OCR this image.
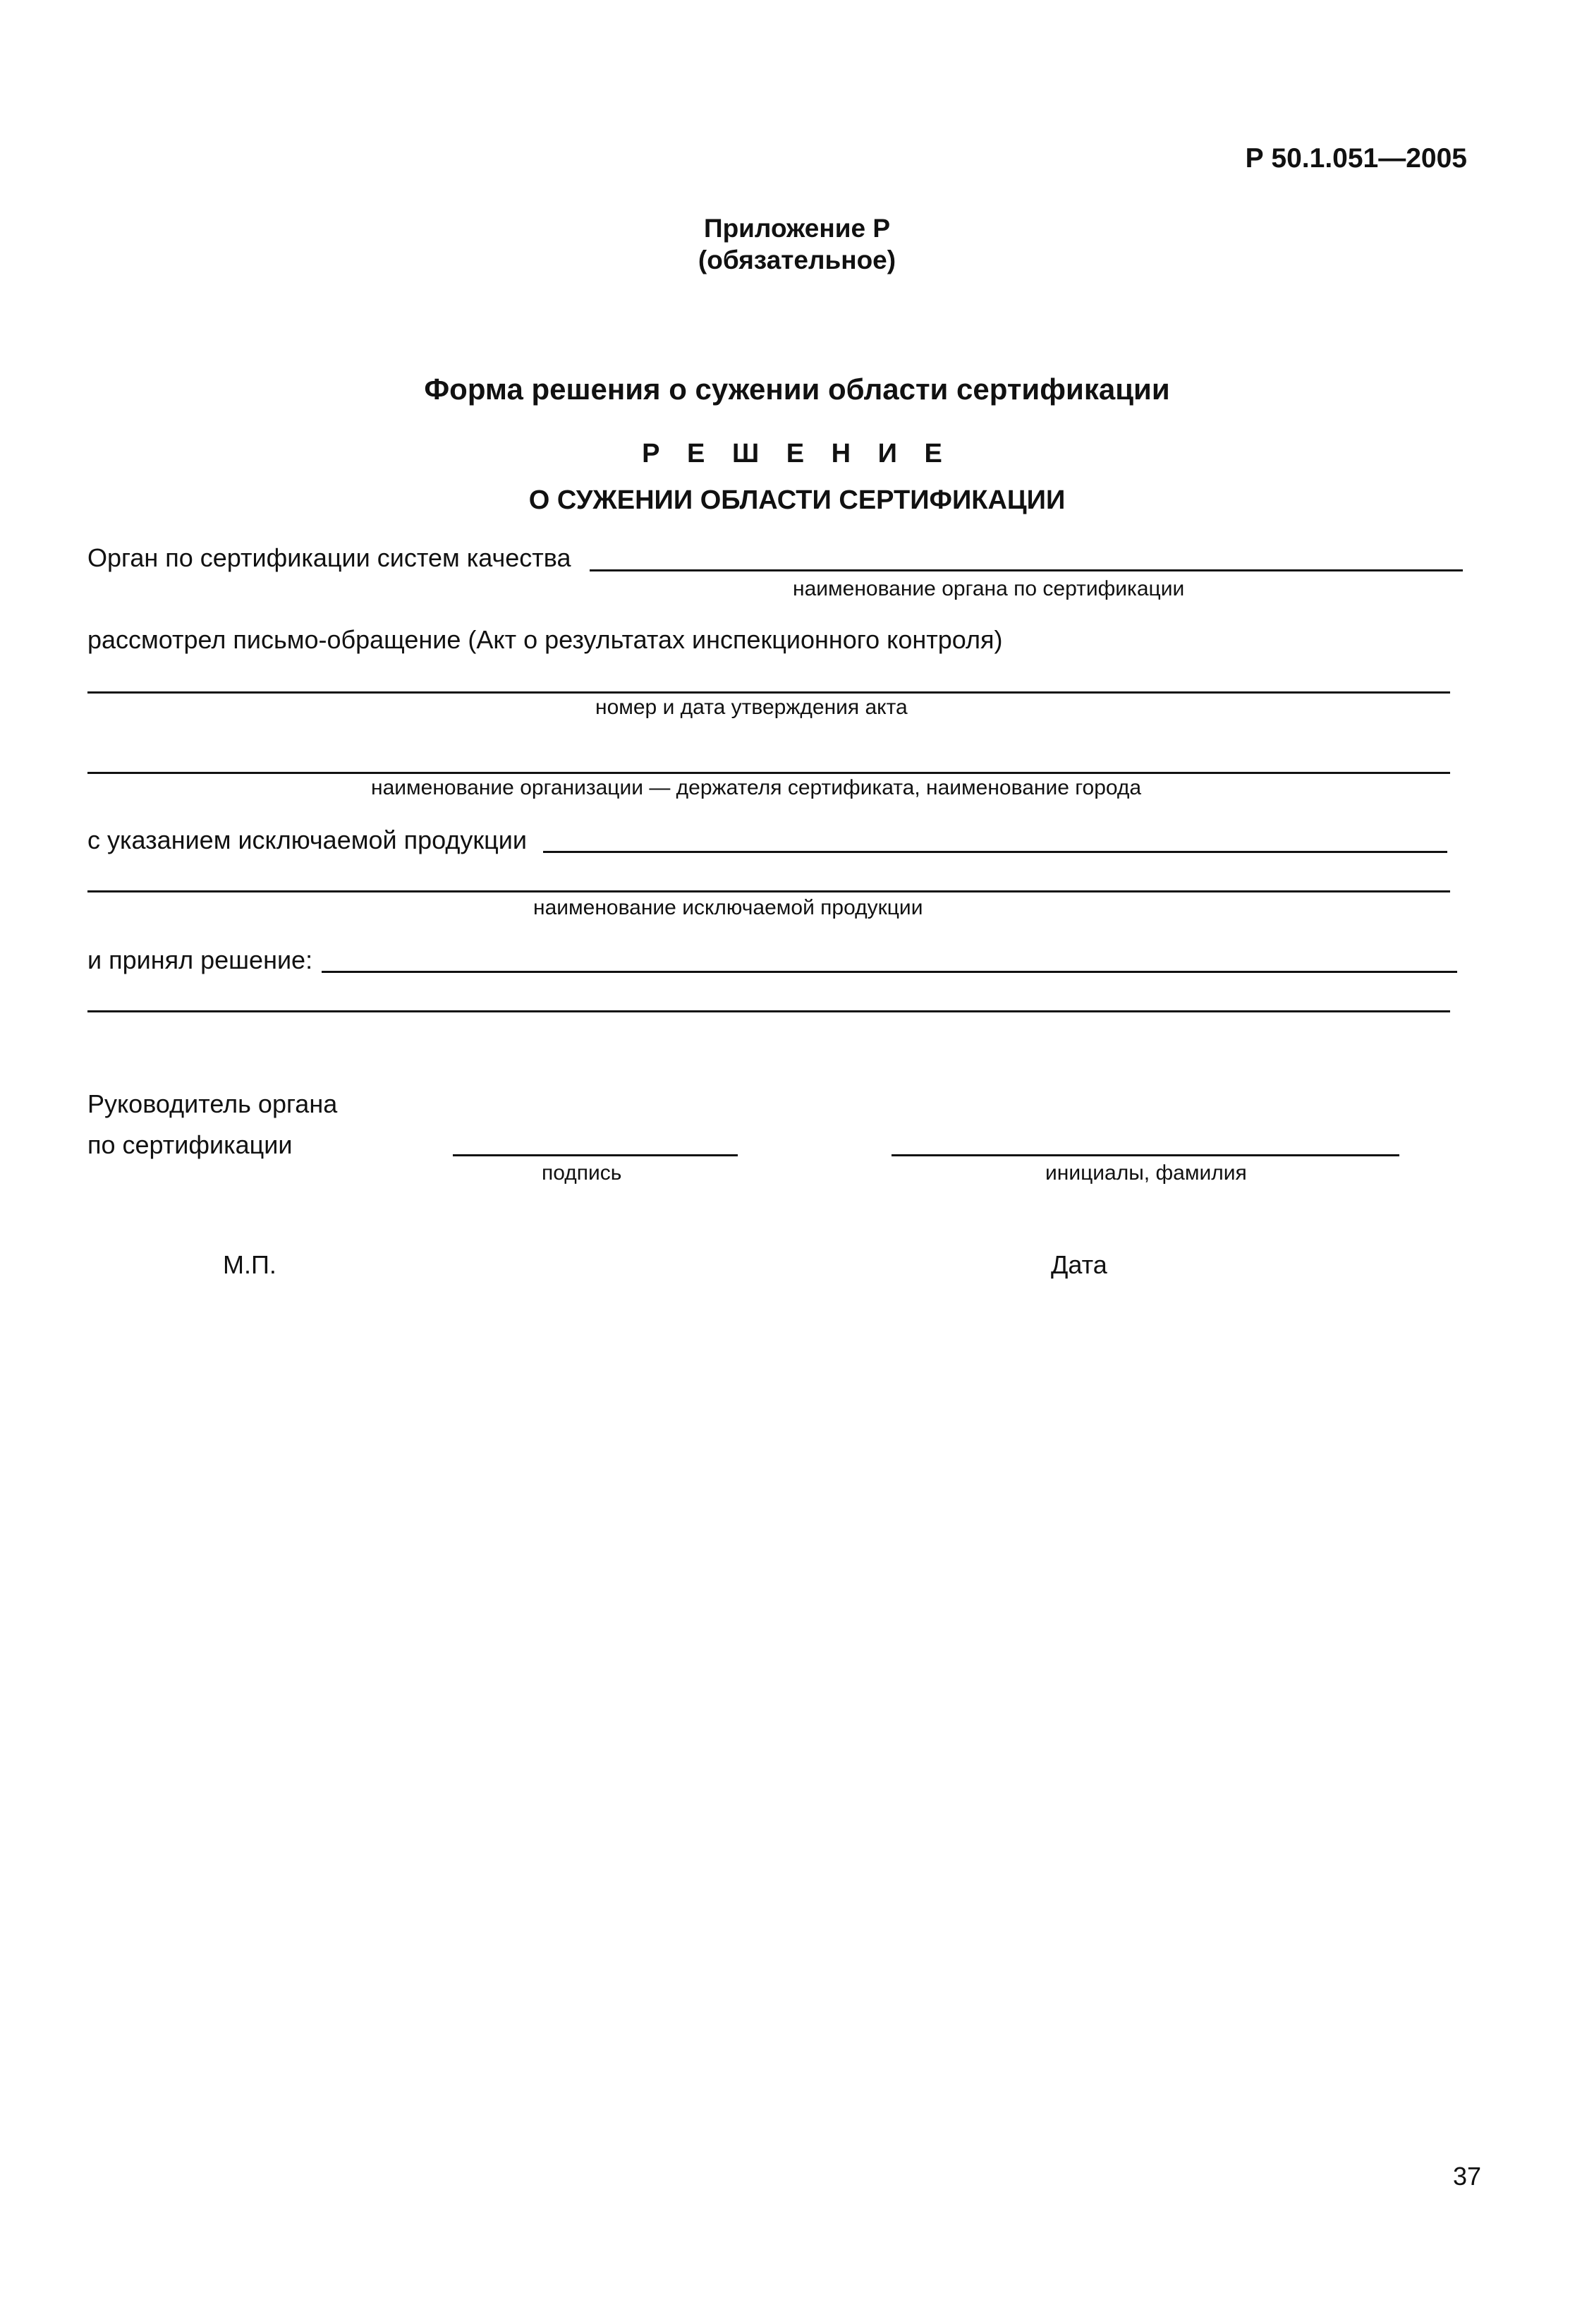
Р 50.1.051—2005
Приложение Р
(обязательное)
Форма решения о сужении области сертификации
Р Е Ш Е Н И Е
О СУЖЕНИИ ОБЛАСТИ СЕРТИФИКАЦИИ
Орган по сертификации систем качества
наименование органа по сертификации
рассмотрел письмо-обращение (Акт о результатах инспекционного контроля)
номер и дата утверждения акта
наименование организации — держателя сертификата, наименование города
с указанием исключаемой продукции
наименование исключаемой продукции
и принял решение:
Руководитель органа
по сертификации
подпись	инициалы, фамилия
М.П.	Дата
37
